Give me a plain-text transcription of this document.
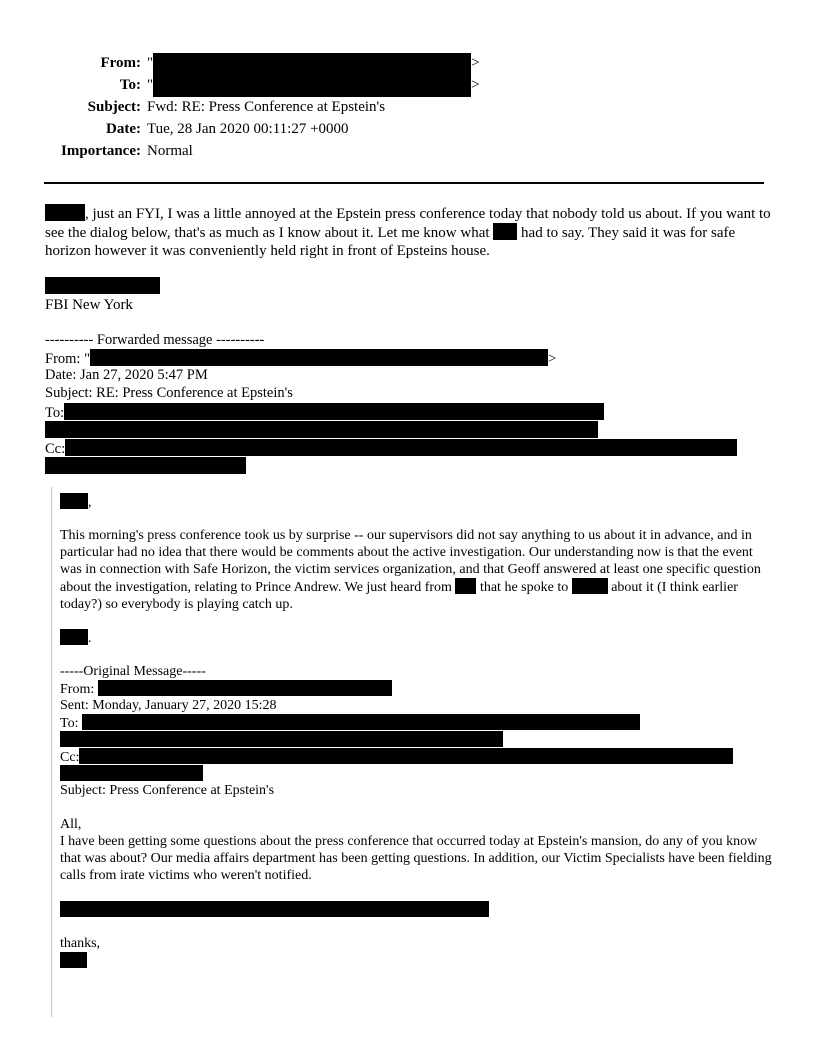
From: "	>
To: "	>
Subject: Fwd: RE: Press Conference at Epstein's
Date: Tue, 28 Jan 2020 00:11:27 +0000
Importance: Normal
, just an FYI, I was a little annoyed at the Epstein press conference today that nobody told us about. If you want to see the dialog below, that's as much as I know about it. Let me know what had to say. They said it was for safe horizon however it was conveniently held right in front of Epsteins house.
FBI New York
---------- Forwarded message ----------
From: "	>
Date: Jan 27, 2020 5:47 PM
Subject: RE: Press Conference at Epstein's
To:
Cc:
,
This morning's press conference took us by surprise -- our supervisors did not say anything to us about it in advance, and in particular had no idea that there would be comments about the active investigation. Our understanding now is that the event was in connection with Safe Horizon, the victim services organization, and that Geoff answered at least one specific question about the investigation, relating to Prince Andrew. We just heard from that he spoke to	about it (I think earlier today?) so everybody is playing catch up.
.
-----Original Message-----
From:
Sent: Monday, January 27, 2020 15:28
To:
Cc:
Subject: Press Conference at Epstein's
All,
I have been getting some questions about the press conference that occurred today at Epstein's mansion, do any of you know that was about? Our media affairs department has been getting questions. In addition, our Victim Specialists have been fielding calls from irate victims who weren't notified.
thanks,
